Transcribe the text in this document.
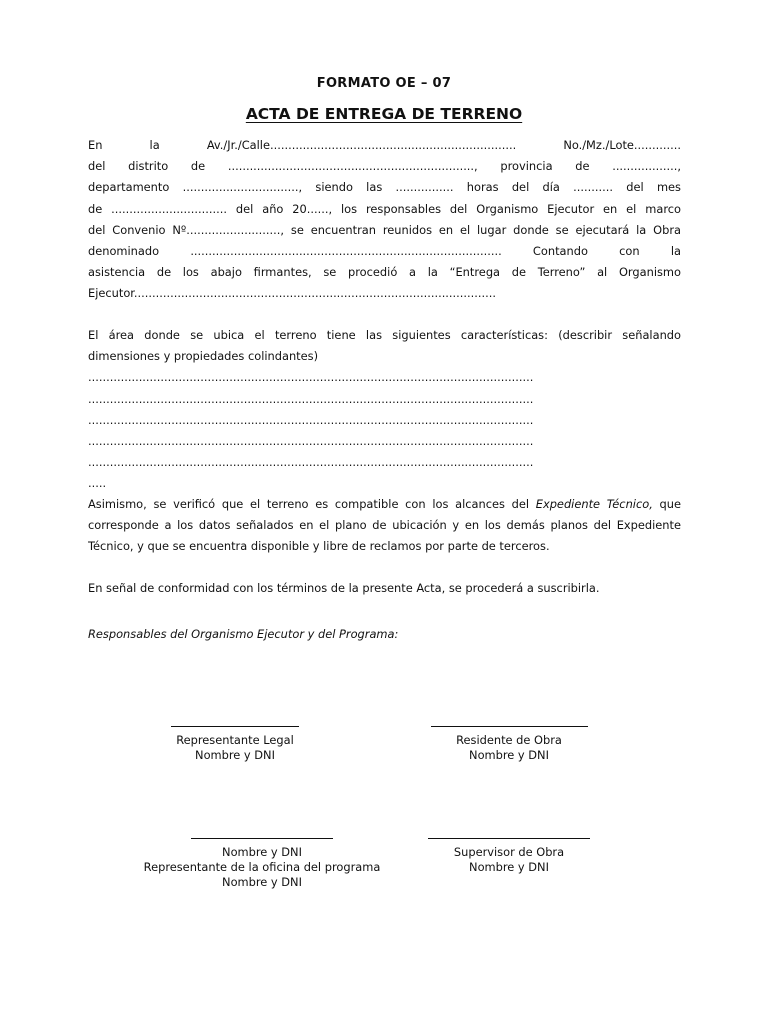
FORMATO OE – 07
ACTA DE ENTREGA DE TERRENO
En la Av./Jr./Calle.................................................................... No./Mz./Lote.............
del distrito de ...................................................................., provincia de ..................,
departamento ................................, siendo las ................ horas del día ........... del mes
de ................................ del año 20......, los responsables del Organismo Ejecutor en el marco
del Convenio Nº.........................., se encuentran reunidos en el lugar donde se ejecutará la Obra
denominado ...................................................................................... Contando con la
asistencia de los abajo firmantes, se procedió a la “Entrega de Terreno” al Organismo
Ejecutor....................................................................................................
El área donde se ubica el terreno tiene las siguientes características: (describir señalando
dimensiones y propiedades colindantes)
...........................................................................................................................
...........................................................................................................................
...........................................................................................................................
...........................................................................................................................
...........................................................................................................................
.....
Asimismo, se verificó que el terreno es compatible con los alcances del Expediente Técnico, que
corresponde a los datos señalados en el plano de ubicación y en los demás planos del Expediente
Técnico, y que se encuentra disponible y libre de reclamos por parte de terceros.
En señal de conformidad con los términos de la presente Acta, se procederá a suscribirla.
Responsables del Organismo Ejecutor y del Programa:
Representante Legal
Nombre y DNI
Residente de Obra
Nombre y DNI
Nombre y DNI
Representante de la oficina del programa
Nombre y DNI
Supervisor de Obra
Nombre y DNI
